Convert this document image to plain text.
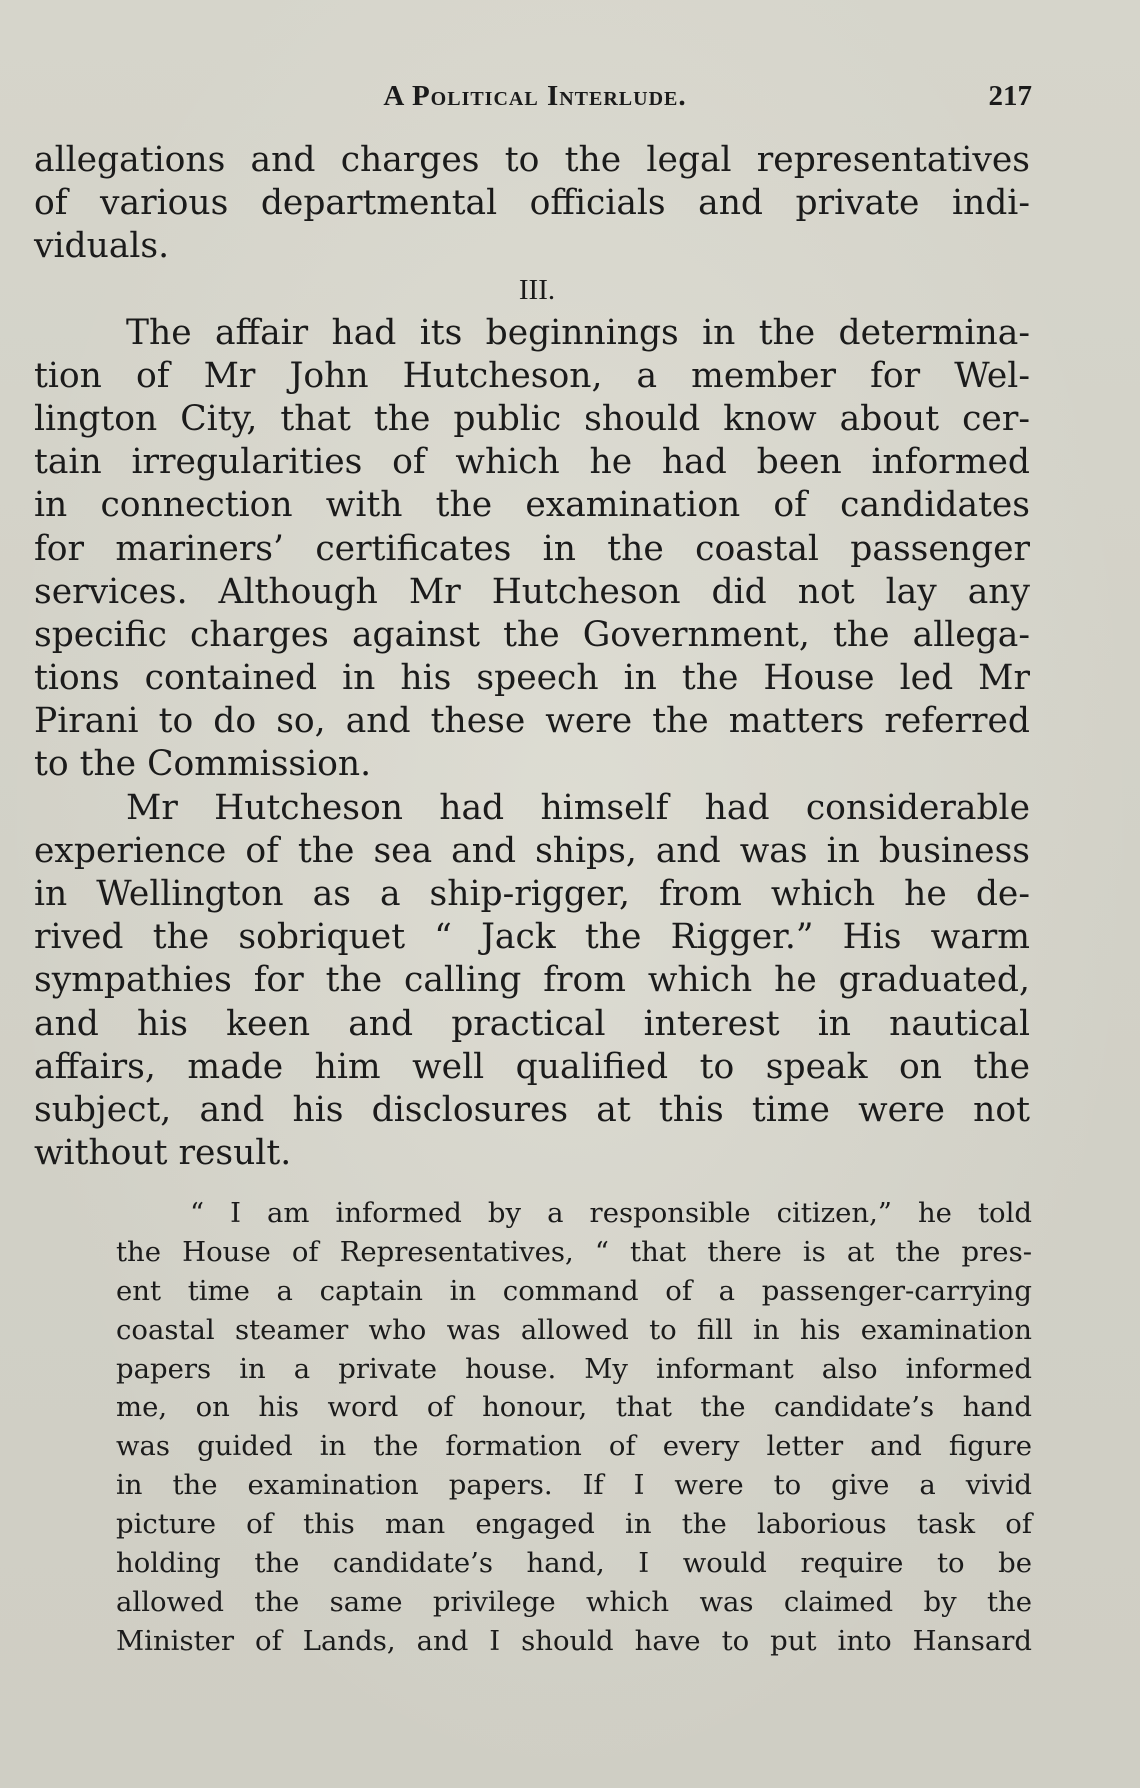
A Political Interlude.	217
allegations and charges to the legal representatives
of various departmental officials and private indi-
viduals.
III.
The affair had its beginnings in the determina-
tion of Mr John Hutcheson, a member for Wel-
lington City, that the public should know about cer-
tain irregularities of which he had been informed
in connection with the examination of candidates
for mariners’ certificates in the coastal passenger
services. Although Mr Hutcheson did not lay any
specific charges against the Government, the allega-
tions contained in his speech in the House led Mr
Pirani to do so, and these were the matters referred
to the Commission.
Mr Hutcheson had himself had considerable
experience of the sea and ships, and was in business
in Wellington as a ship-rigger, from which he de-
rived the sobriquet “ Jack the Rigger.” His warm
sympathies for the calling from which he graduated,
and his keen and practical interest in nautical
affairs, made him well qualified to speak on the
subject, and his disclosures at this time were not
without result.
“ I am informed by a responsible citizen,” he told
the House of Representatives, “ that there is at the pres-
ent time a captain in command of a passenger-carrying
coastal steamer who was allowed to fill in his examination
papers in a private house. My informant also informed
me, on his word of honour, that the candidate’s hand
was guided in the formation of every letter and figure
in the examination papers. If I were to give a vivid
picture of this man engaged in the laborious task of
holding the candidate’s hand, I would require to be
allowed the same privilege which was claimed by the
Minister of Lands, and I should have to put into Hansard
